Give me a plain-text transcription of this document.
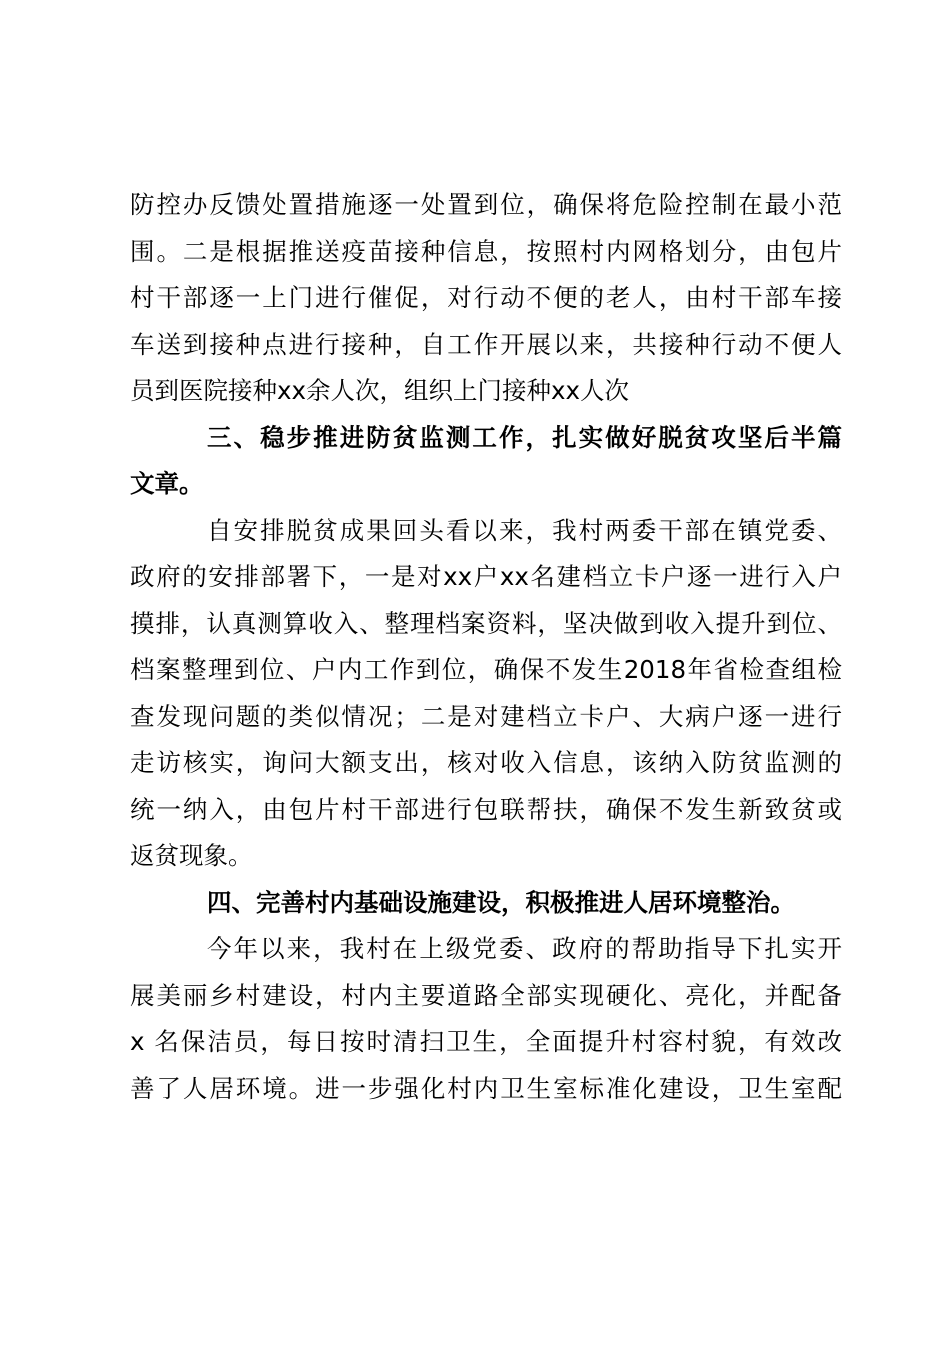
防控办反馈处置措施逐一处置到位，确保将危险控制在最小范
围。二是根据推送疫苗接种信息，按照村内网格划分，由包片
村干部逐一上门进行催促，对行动不便的老人，由村干部车接
车送到接种点进行接种，自工作开展以来，共接种行动不便人
员到医院接种xx余人次，组织上门接种xx人次
三、稳步推进防贫监测工作，扎实做好脱贫攻坚后半篇
文章。
自安排脱贫成果回头看以来，我村两委干部在镇党委、
政府的安排部署下，一是对xx户xx名建档立卡户逐一进行入户
摸排，认真测算收入、整理档案资料，坚决做到收入提升到位、
档案整理到位、户内工作到位，确保不发生2018年省检查组检
查发现问题的类似情况；二是对建档立卡户、大病户逐一进行
走访核实，询问大额支出，核对收入信息，该纳入防贫监测的
统一纳入，由包片村干部进行包联帮扶，确保不发生新致贫或
返贫现象。
四、完善村内基础设施建设，积极推进人居环境整治。
今年以来，我村在上级党委、政府的帮助指导下扎实开
展美丽乡村建设，村内主要道路全部实现硬化、亮化，并配备
x 名保洁员，每日按时清扫卫生，全面提升村容村貌，有效改
善了人居环境。进一步强化村内卫生室标准化建设，卫生室配
